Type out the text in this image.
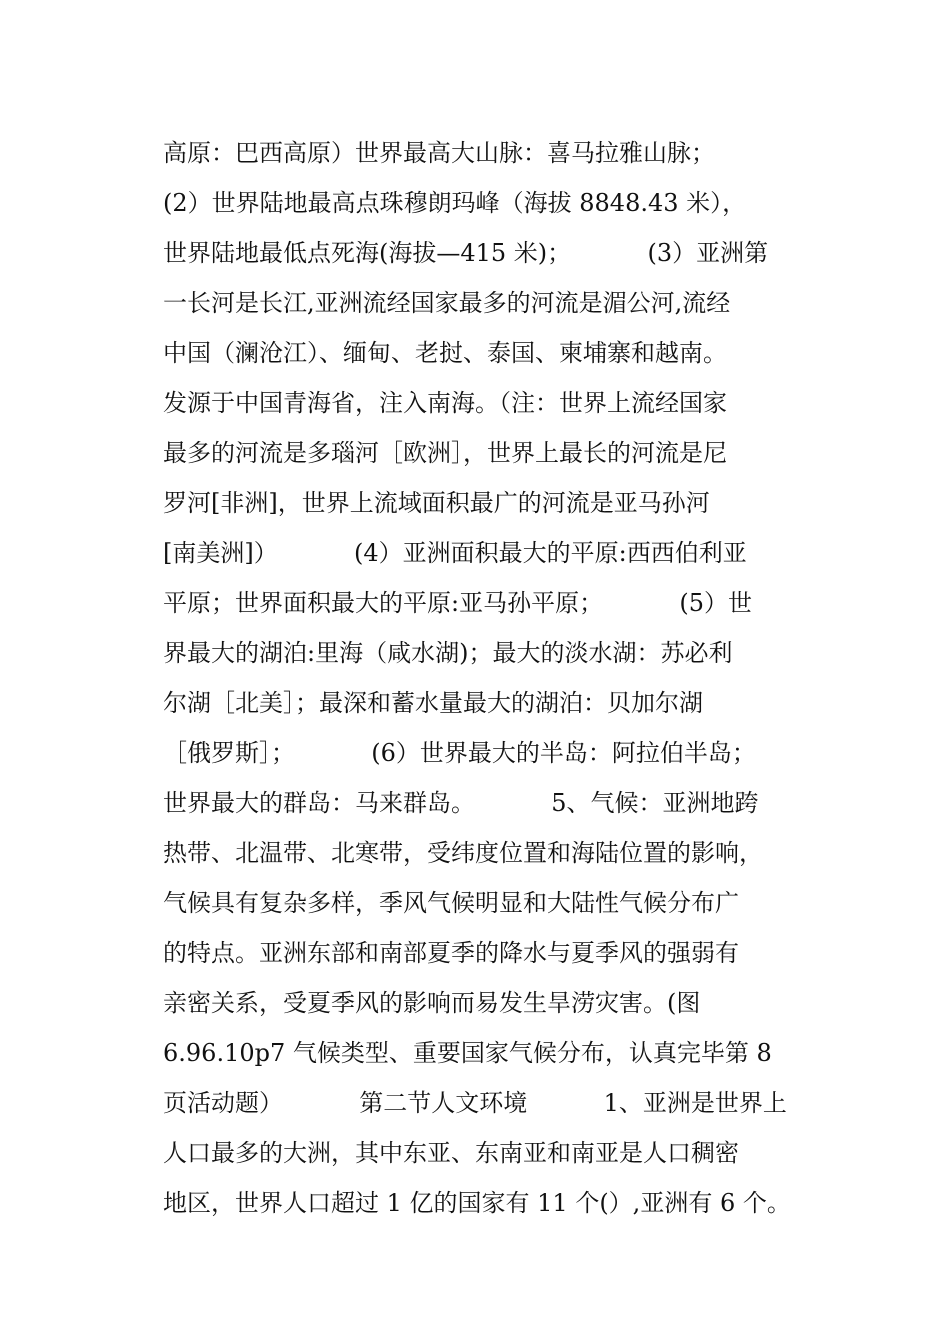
高原：巴西高原）世界最高大山脉：喜马拉雅山脉；
(2）世界陆地最高点珠穆朗玛峰（海拔 8848.43 米），
世界陆地最低点死海(海拔—415 米)；          (3）亚洲第
一长河是长江,亚洲流经国家最多的河流是湄公河,流经
中国（澜沧江）、缅甸、老挝、泰国、柬埔寨和越南。
发源于中国青海省，注入南海。（注：世界上流经国家
最多的河流是多瑙河［欧洲］，世界上最长的河流是尼
罗河[非洲]，世界上流域面积最广的河流是亚马孙河
[南美洲]）          (4）亚洲面积最大的平原:西西伯利亚
平原；世界面积最大的平原:亚马孙平原；          (5）世
界最大的湖泊:里海（咸水湖)；最大的淡水湖：苏必利
尔湖［北美］；最深和蓄水量最大的湖泊：贝加尔湖
［俄罗斯］；          (6）世界最大的半岛：阿拉伯半岛；
世界最大的群岛：马来群岛。          5、气候：亚洲地跨
热带、北温带、北寒带，受纬度位置和海陆位置的影响，
气候具有复杂多样，季风气候明显和大陆性气候分布广
的特点。亚洲东部和南部夏季的降水与夏季风的强弱有
亲密关系，受夏季风的影响而易发生旱涝灾害。(图
6.96.10p7 气候类型、重要国家气候分布，认真完毕第 8
页活动题）          第二节人文环境          1、亚洲是世界上
人口最多的大洲，其中东亚、东南亚和南亚是人口稠密
地区，世界人口超过 1 亿的国家有 11 个(）,亚洲有 6 个。
